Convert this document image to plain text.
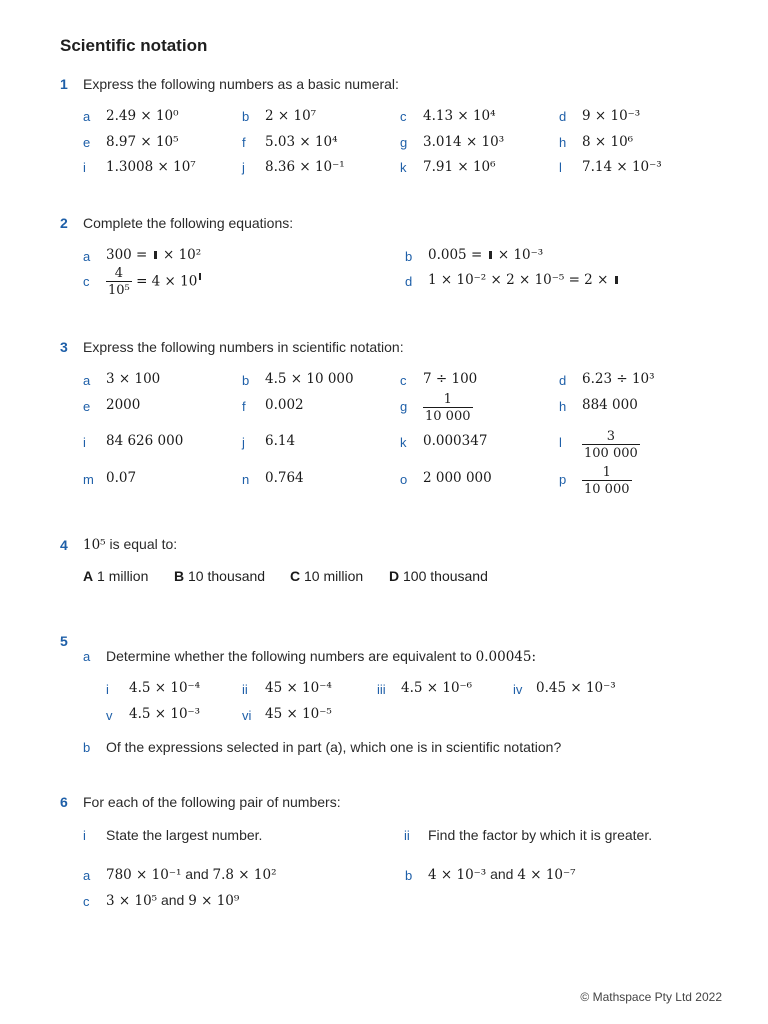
Scientific notation
1 Express the following numbers as a basic numeral:
a 2.49 × 10⁰	b 2 × 10⁷	c 4.13 × 10⁴	d 9 × 10⁻³
e 8.97 × 10⁵	f 5.03 × 10⁴	g 3.014 × 10³	h 8 × 10⁶
i 1.3008 × 10⁷	j 8.36 × 10⁻¹	k 7.91 × 10⁶	l 7.14 × 10⁻³
2 Complete the following equations:
a 300 =  × 10²	b 0.005 =  × 10⁻³
c $\frac{4}{\text{10⁵}} = 4 \times 10$	d 1 × 10⁻² × 2 × 10⁻⁵ = 2 ×
3 Express the following numbers in scientific notation:
a 3 × 100	b 4.5 × 10 000	c 7 ÷ 100	d 6.23 ÷ 10³
e 2000	f 0.002	g $\frac{1}{10 000}$	h 884 000
i 84 626 000	j 6.14	k 0.000347	l $\frac{3}{100 000}$
m 0.07	n 0.764	o 2 000 000	p $\frac{1}{10 000}$
4 10⁵ is equal to:
A 1 million B 10 thousand C 10 million D 100 thousand
5
a Determine whether the following numbers are equivalent to 0.00045:
i 4.5 × 10⁻⁴	ii 45 × 10⁻⁴	iii 4.5 × 10⁻⁶	iv 0.45 × 10⁻³
v 4.5 × 10⁻³	vi 45 × 10⁻⁵
b Of the expressions selected in part (a), which one is in scientific notation?
6 For each of the following pair of numbers:
i State the largest number.	ii Find the factor by which it is greater.
a 780 × 10⁻¹ and 7.8 × 10²	b 4 × 10⁻³ and 4 × 10⁻⁷
c 3 × 10⁵ and 9 × 10⁹
© Mathspace Pty Ltd 2022
